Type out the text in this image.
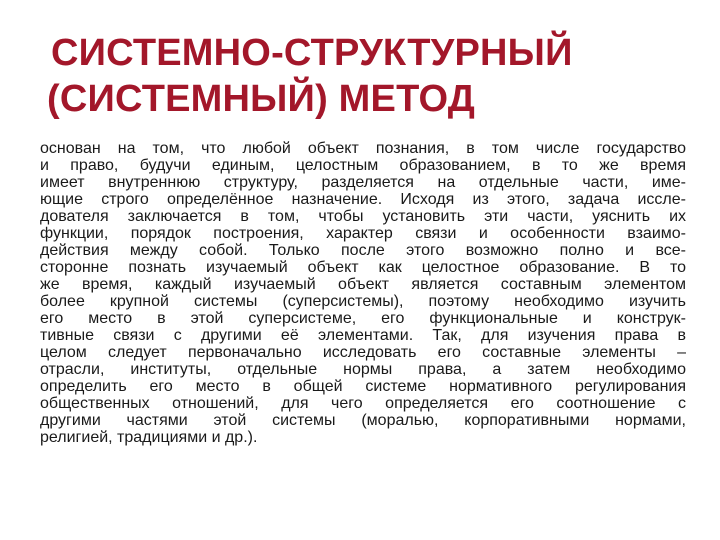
СИСТЕМНО-СТРУКТУРНЫЙ
(СИСТЕМНЫЙ) МЕТОД
основан на том, что любой объект познания, в том числе государство
и право, будучи единым, целостным образованием, в то же время
имеет внутреннюю структуру, разделяется на отдельные части, име-
ющие строго определённое назначение. Исходя из этого, задача иссле-
дователя заключается в том, чтобы установить эти части, уяснить их
функции, порядок построения, характер связи и особенности взаимо-
действия между собой. Только после этого возможно полно и все-
сторонне познать изучаемый объект как целостное образование. В то
же время, каждый изучаемый объект является составным элементом
более крупной системы (суперсистемы), поэтому необходимо изучить
его место в этой суперсистеме, его функциональные и конструк-
тивные связи с другими её элементами. Так, для изучения права в
целом следует первоначально исследовать его составные элементы –
отрасли, институты, отдельные нормы права, а затем необходимо
определить его место в общей системе нормативного регулирования
общественных отношений, для чего определяется его соотношение с
другими частями этой системы (моралью, корпоративными нормами,
религией, традициями и др.).
